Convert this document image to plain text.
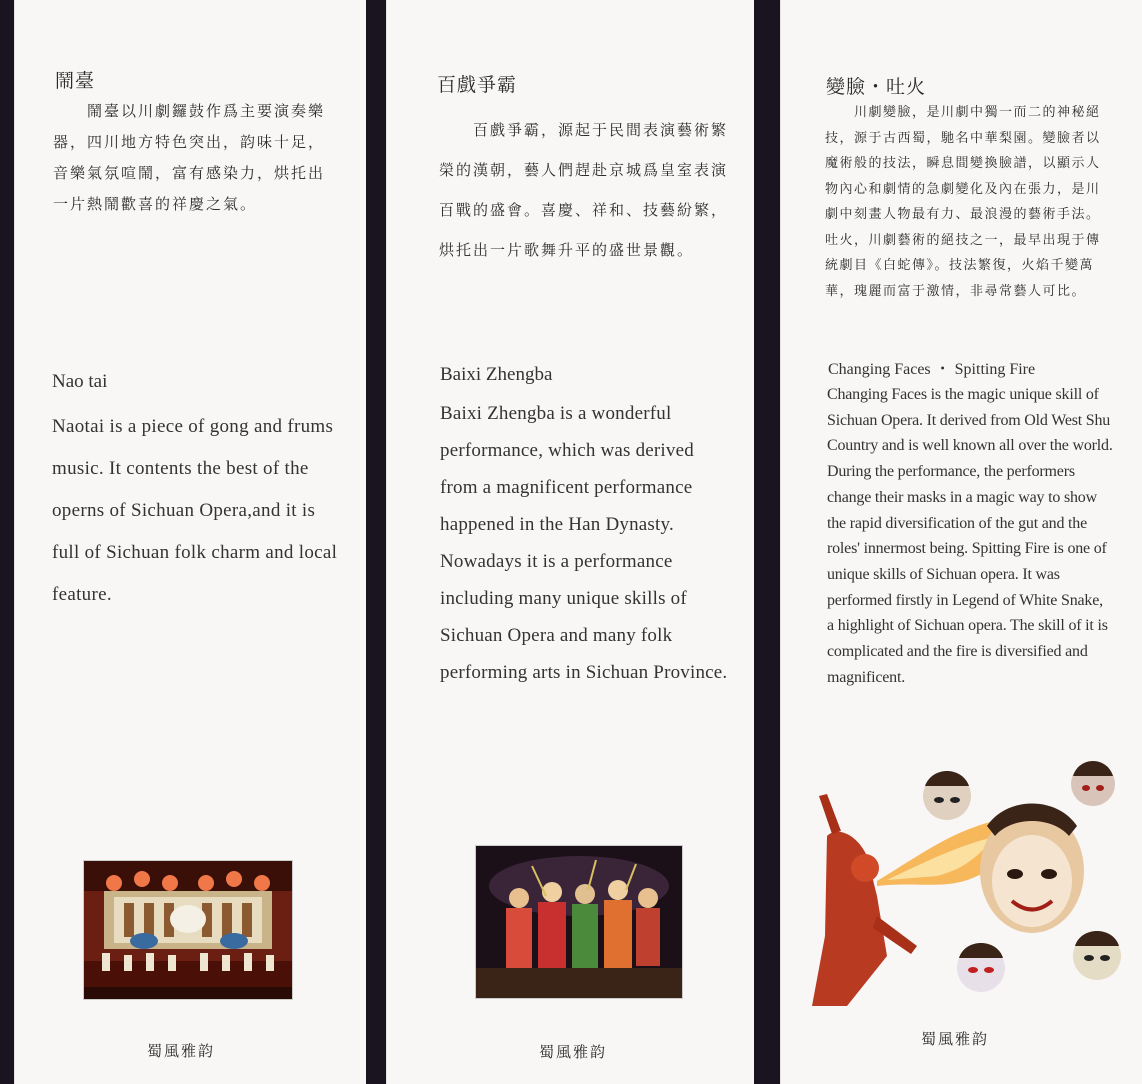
鬧臺
　　鬧臺以川劇鑼鼓作爲主要演奏樂器，四川地方特色突出，韵味十足，音樂氣氛喧鬧，富有感染力，烘托出一片熱鬧歡喜的祥慶之氣。
Nao tai
Naotai is a piece of gong and frums music. It contents the best of the operns of Sichuan Opera,and it is full of Sichuan folk charm and local feature.
蜀風雅韵
百戲爭霸
　　百戲爭霸，源起于民間表演藝術繁榮的漢朝，藝人們趕赴京城爲皇室表演百戰的盛會。喜慶、祥和、技藝紛繁，烘托出一片歌舞升平的盛世景觀。
Baixi Zhengba
Baixi Zhengba is a wonderful performance, which was derived from a magnificent performance happened in the Han Dynasty. Nowadays it is a performance including many unique skills of Sichuan Opera and many folk performing arts in Sichuan Province.
蜀風雅韵
變臉・吐火
　　川劇變臉，是川劇中獨一而二的神秘絕技，源于古西蜀，馳名中華梨園。變臉者以魔術般的技法，瞬息間變換臉譜，以顯示人物內心和劇情的急劇變化及內在張力，是川劇中刻畫人物最有力、最浪漫的藝術手法。吐火，川劇藝術的絕技之一，最早出現于傳統劇目《白蛇傳》。技法繁復，火焰千變萬華，瑰麗而富于激情，非尋常藝人可比。
Changing Faces ・ Spitting Fire
Changing Faces is the magic unique skill of Sichuan Opera. It derived from Old West Shu Country and is well known all over the world. During the performance, the performers change their masks in a magic way to show the rapid diversification of the gut and the roles' innermost being. Spitting Fire is one of unique skills of Sichuan opera. It was performed firstly in Legend of White Snake, a highlight of Sichuan opera. The skill of it is complicated and the fire is diversified and magnificent.
蜀風雅韵
